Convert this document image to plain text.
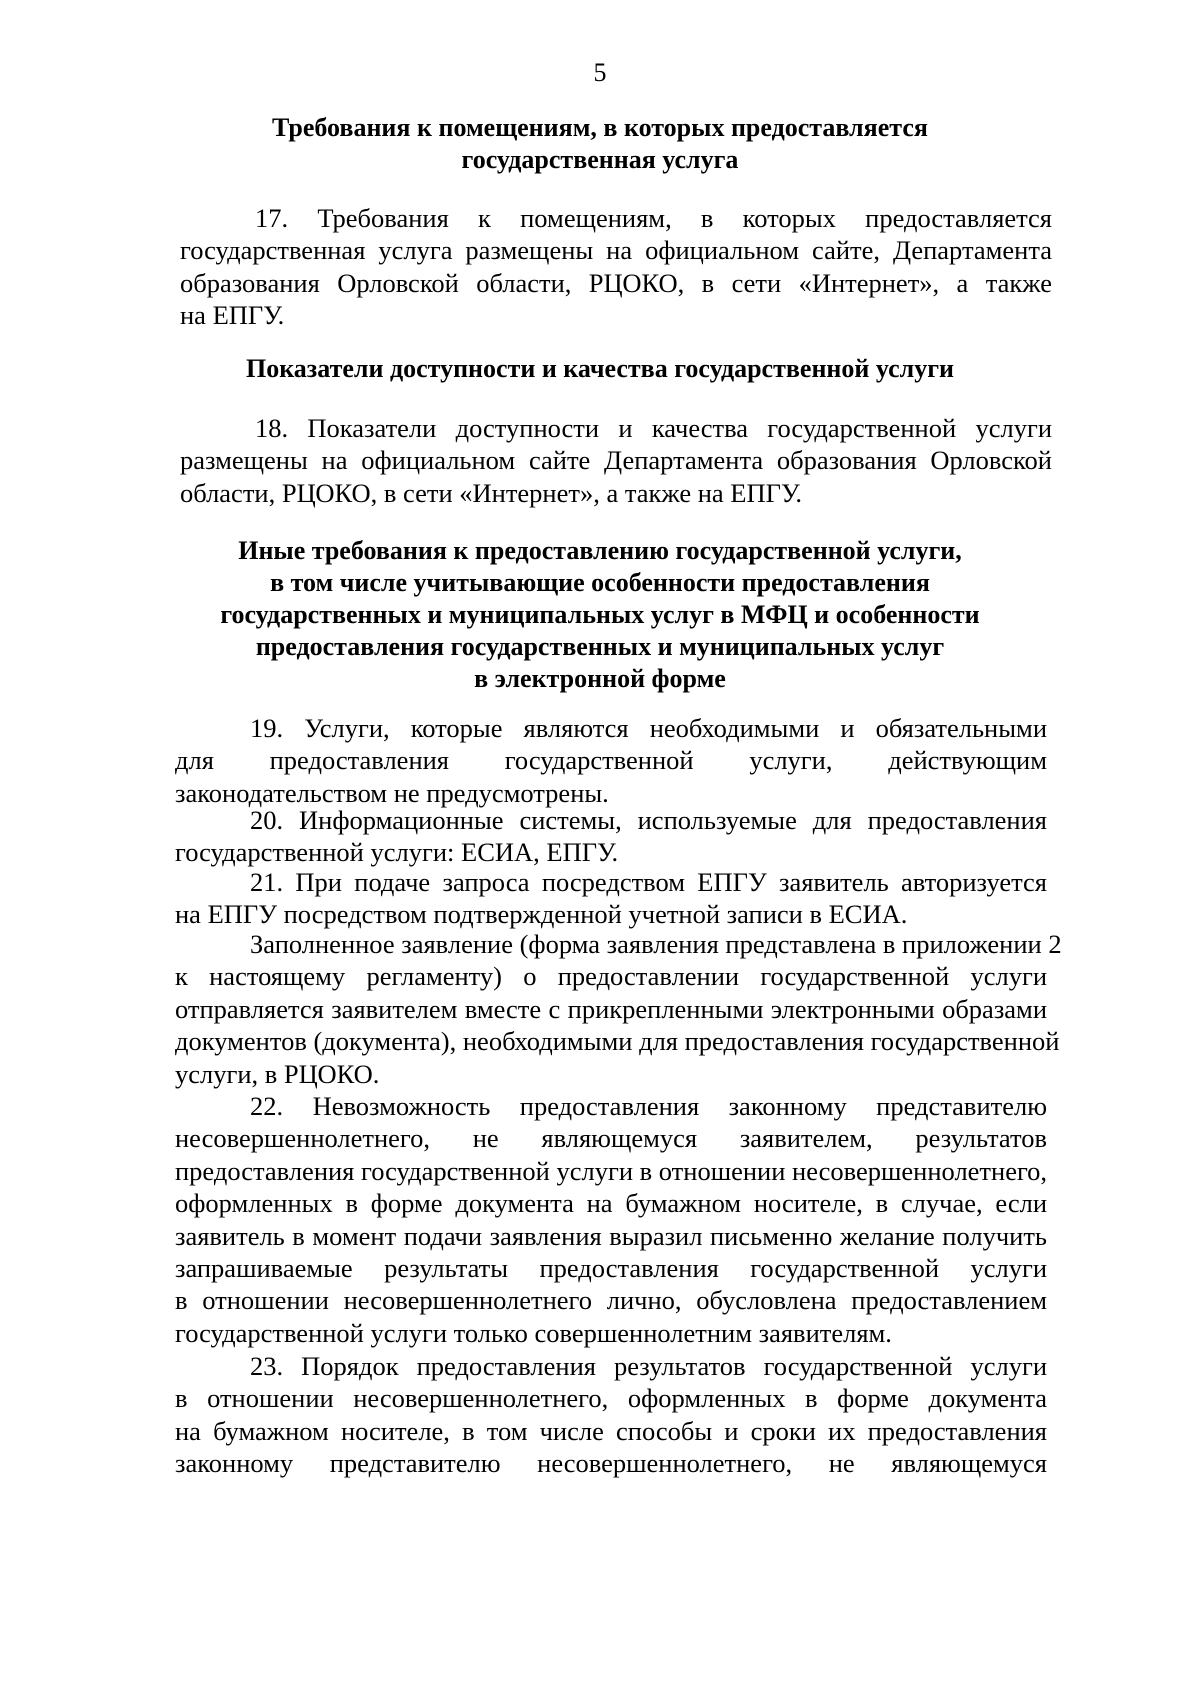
5
Требования к помещениям, в которых предоставляется
государственная услуга
17. Требования к помещениям, в которых предоставляется
государственная услуга размещены на официальном сайте, Департамента
образования Орловской области, РЦОКО, в сети «Интернет», а также
на ЕПГУ.
Показатели доступности и качества государственной услуги
18. Показатели доступности и качества государственной услуги
размещены на официальном сайте Департамента образования Орловской
области, РЦОКО, в сети «Интернет», а также на ЕПГУ.
Иные требования к предоставлению государственной услуги,
в том числе учитывающие особенности предоставления
государственных и муниципальных услуг в МФЦ и особенности
предоставления государственных и муниципальных услуг
в электронной форме
19. Услуги, которые являются необходимыми и обязательными
для предоставления государственной услуги, действующим
законодательством не предусмотрены.
20. Информационные системы, используемые для предоставления
государственной услуги: ЕСИА, ЕПГУ.
21. При подаче запроса посредством ЕПГУ заявитель авторизуется
на ЕПГУ посредством подтвержденной учетной записи в ЕСИА.
Заполненное заявление (форма заявления представлена в приложении 2
к настоящему регламенту) о предоставлении государственной услуги
отправляется заявителем вместе с прикрепленными электронными образами
документов (документа), необходимыми для предоставления государственной
услуги, в РЦОКО.
22. Невозможность предоставления законному представителю
несовершеннолетнего, не являющемуся заявителем, результатов
предоставления государственной услуги в отношении несовершеннолетнего,
оформленных в форме документа на бумажном носителе, в случае, если
заявитель в момент подачи заявления выразил письменно желание получить
запрашиваемые результаты предоставления государственной услуги
в отношении несовершеннолетнего лично, обусловлена предоставлением
государственной услуги только совершеннолетним заявителям.
23. Порядок предоставления результатов государственной услуги
в отношении несовершеннолетнего, оформленных в форме документа
на бумажном носителе, в том числе способы и сроки их предоставления
законному представителю несовершеннолетнего, не являющемуся
